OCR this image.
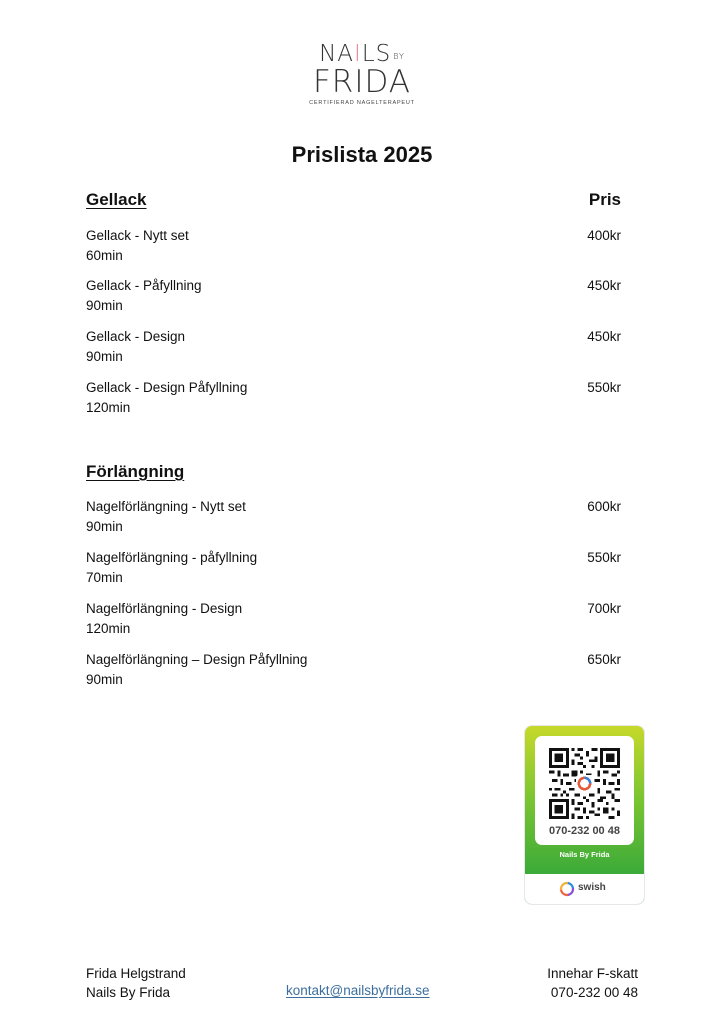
NAILS BY
FRIDA
CERTIFIERAD NAGELTERAPEUT
Prislista 2025
Gellack	Pris
Gellack - Nytt set
60min
400kr
Gellack - Påfyllning
90min
450kr
Gellack - Design
90min
450kr
Gellack - Design Påfyllning
120min
550kr
Förlängning
Nagelförlängning - Nytt set
90min
600kr
Nagelförlängning - påfyllning
70min
550kr
Nagelförlängning - Design
120min
700kr
Nagelförlängning – Design Påfyllning
90min
650kr
070-232 00 48
Nails By Frida
swish
Frida Helgstrand
Nails By Frida	kontakt@nailsbyfrida.se
Innehar F-skatt
070-232 00 48
